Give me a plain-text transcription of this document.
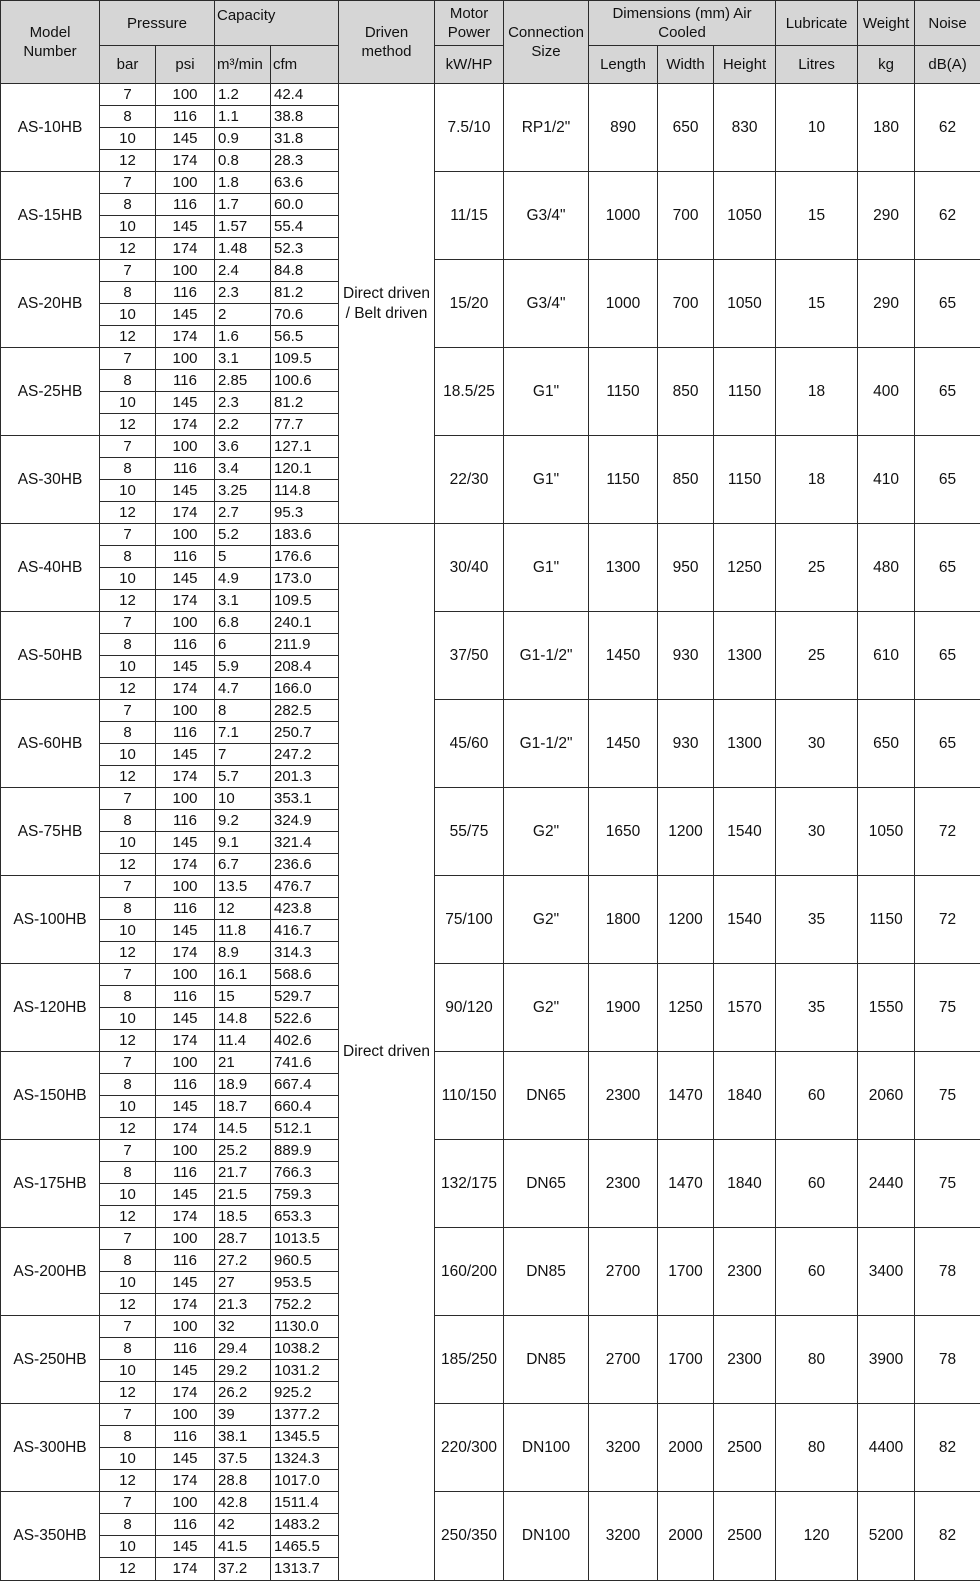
Model Number	Pressure		Capacity		Driven method	Motor Power	Connection Size	Dimensions (mm) Air Cooled			Lubricate	Weight	Noise
	bar	psi	m³/min	cfm		kW/HP		Length	Width	Height	Litres	kg	dB(A)
AS-10HB	7	100	1.2	42.4	Direct driven / Belt driven	7.5/10	RP1/2"	890	650	830	10	180	62
	8	116	1.1	38.8									
	10	145	0.9	31.8									
	12	174	0.8	28.3									
AS-15HB	7	100	1.8	63.6		11/15	G3/4"	1000	700	1050	15	290	62
	8	116	1.7	60.0									
	10	145	1.57	55.4									
	12	174	1.48	52.3									
AS-20HB	7	100	2.4	84.8		15/20	G3/4"	1000	700	1050	15	290	65
	8	116	2.3	81.2									
	10	145	2	70.6									
	12	174	1.6	56.5									
AS-25HB	7	100	3.1	109.5		18.5/25	G1"	1150	850	1150	18	400	65
	8	116	2.85	100.6									
	10	145	2.3	81.2									
	12	174	2.2	77.7									
AS-30HB	7	100	3.6	127.1		22/30	G1"	1150	850	1150	18	410	65
	8	116	3.4	120.1									
	10	145	3.25	114.8									
	12	174	2.7	95.3									
AS-40HB	7	100	5.2	183.6	Direct driven	30/40	G1"	1300	950	1250	25	480	65
	8	116	5	176.6									
	10	145	4.9	173.0									
	12	174	3.1	109.5									
AS-50HB	7	100	6.8	240.1		37/50	G1-1/2"	1450	930	1300	25	610	65
	8	116	6	211.9									
	10	145	5.9	208.4									
	12	174	4.7	166.0									
AS-60HB	7	100	8	282.5		45/60	G1-1/2"	1450	930	1300	30	650	65
	8	116	7.1	250.7									
	10	145	7	247.2									
	12	174	5.7	201.3									
AS-75HB	7	100	10	353.1		55/75	G2"	1650	1200	1540	30	1050	72
	8	116	9.2	324.9									
	10	145	9.1	321.4									
	12	174	6.7	236.6									
AS-100HB	7	100	13.5	476.7		75/100	G2"	1800	1200	1540	35	1150	72
	8	116	12	423.8									
	10	145	11.8	416.7									
	12	174	8.9	314.3									
AS-120HB	7	100	16.1	568.6		90/120	G2"	1900	1250	1570	35	1550	75
	8	116	15	529.7									
	10	145	14.8	522.6									
	12	174	11.4	402.6									
AS-150HB	7	100	21	741.6		110/150	DN65	2300	1470	1840	60	2060	75
	8	116	18.9	667.4									
	10	145	18.7	660.4									
	12	174	14.5	512.1									
AS-175HB	7	100	25.2	889.9		132/175	DN65	2300	1470	1840	60	2440	75
	8	116	21.7	766.3									
	10	145	21.5	759.3									
	12	174	18.5	653.3									
AS-200HB	7	100	28.7	1013.5		160/200	DN85	2700	1700	2300	60	3400	78
	8	116	27.2	960.5									
	10	145	27	953.5									
	12	174	21.3	752.2									
AS-250HB	7	100	32	1130.0		185/250	DN85	2700	1700	2300	80	3900	78
	8	116	29.4	1038.2									
	10	145	29.2	1031.2									
	12	174	26.2	925.2									
AS-300HB	7	100	39	1377.2		220/300	DN100	3200	2000	2500	80	4400	82
	8	116	38.1	1345.5									
	10	145	37.5	1324.3									
	12	174	28.8	1017.0									
AS-350HB	7	100	42.8	1511.4		250/350	DN100	3200	2000	2500	120	5200	82
	8	116	42	1483.2									
	10	145	41.5	1465.5									
	12	174	37.2	1313.7									
